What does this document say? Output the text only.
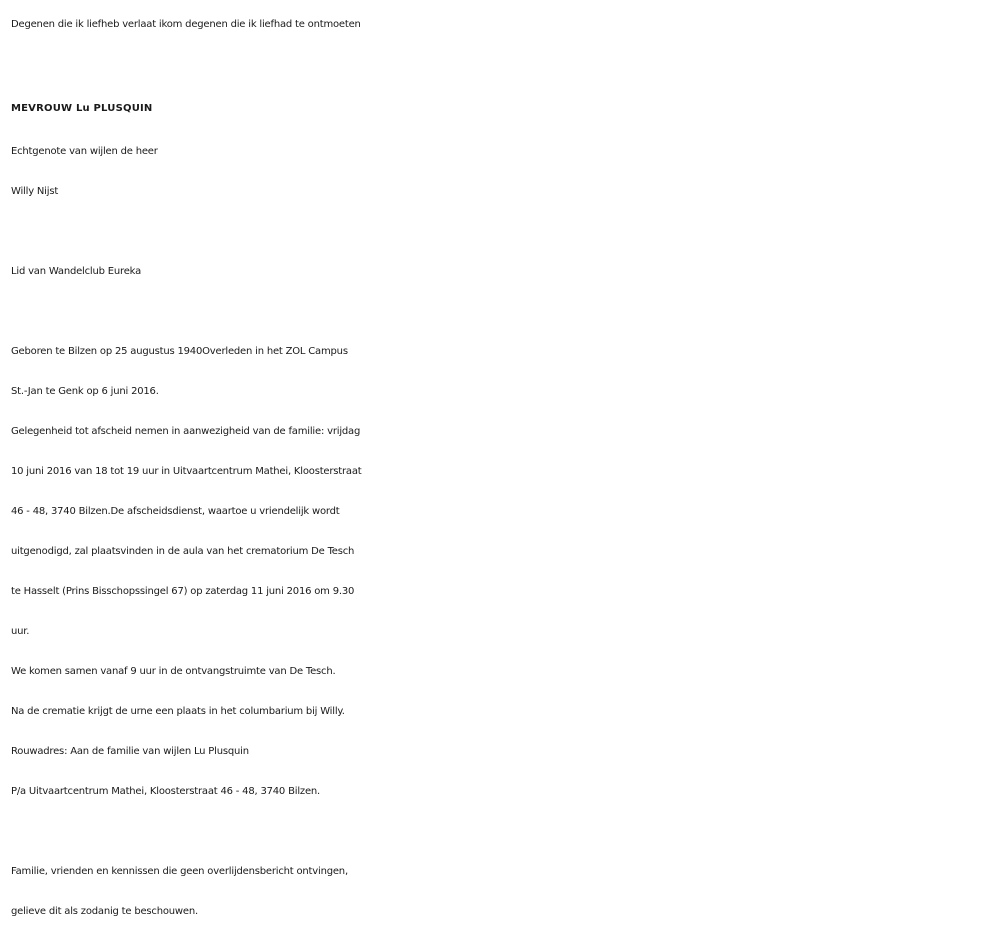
Degenen die ik liefheb verlaat ikom degenen die ik liefhad te ontmoeten

MEVROUW Lu PLUSQUIN

Echtgenote van wijlen de heer

Willy Nijst

Lid van Wandelclub Eureka

Geboren te Bilzen op 25 augustus 1940Overleden in het ZOL Campus

St.-Jan te Genk op 6 juni 2016.

Gelegenheid tot afscheid nemen in aanwezigheid van de familie: vrijdag

10 juni 2016 van 18 tot 19 uur in Uitvaartcentrum Mathei, Kloosterstraat

46 - 48, 3740 Bilzen.De afscheidsdienst, waartoe u vriendelijk wordt

uitgenodigd, zal plaatsvinden in de aula van het crematorium De Tesch

te Hasselt (Prins Bisschopssingel 67) op zaterdag 11 juni 2016 om 9.30

uur.

We komen samen vanaf 9 uur in de ontvangstruimte van De Tesch.

Na de crematie krijgt de urne een plaats in het columbarium bij Willy.

Rouwadres: Aan de familie van wijlen Lu Plusquin

P/a Uitvaartcentrum Mathei, Kloosterstraat 46 - 48, 3740 Bilzen.

Familie, vrienden en kennissen die geen overlijdensbericht ontvingen,

gelieve dit als zodanig te beschouwen.
